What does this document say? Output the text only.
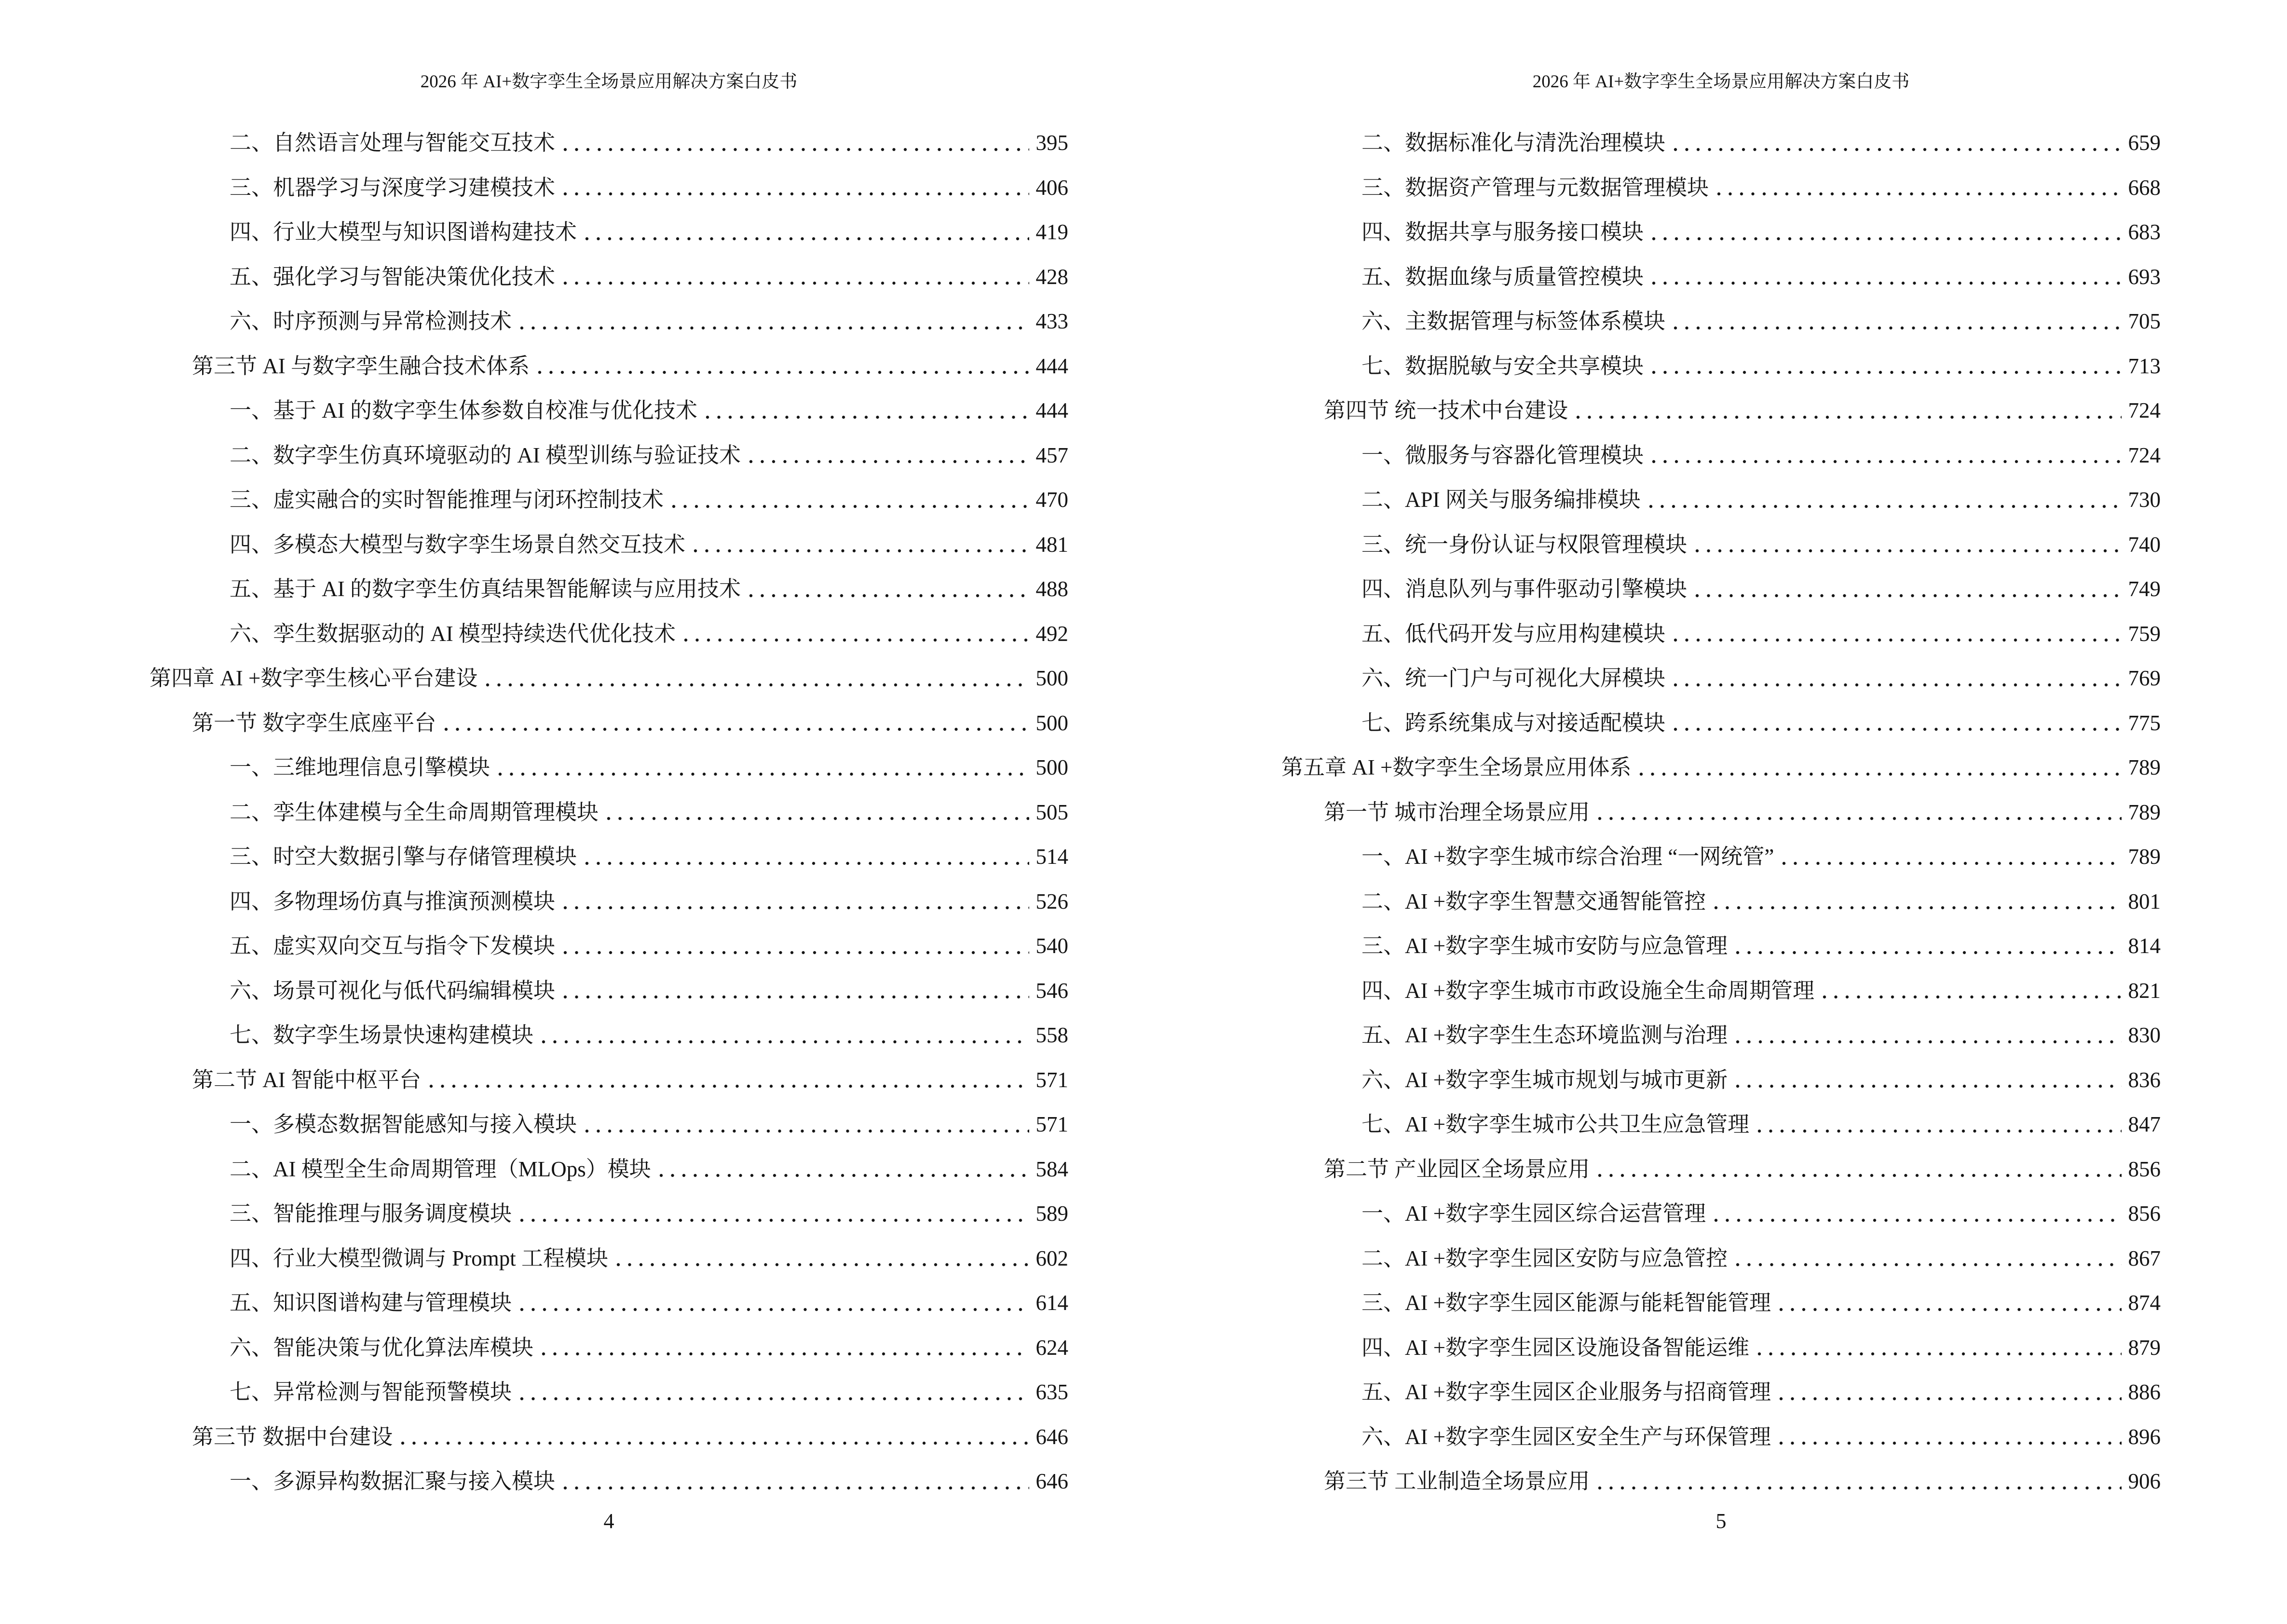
2026 年 AI+数字孪生全场景应用解决方案白皮书
二、自然语言处理与智能交互技术	395
三、机器学习与深度学习建模技术	406
四、行业大模型与知识图谱构建技术	419
五、强化学习与智能决策优化技术	428
六、时序预测与异常检测技术	433
第三节 AI 与数字孪生融合技术体系	444
一、基于 AI 的数字孪生体参数自校准与优化技术	444
二、数字孪生仿真环境驱动的 AI 模型训练与验证技术	457
三、虚实融合的实时智能推理与闭环控制技术	470
四、多模态大模型与数字孪生场景自然交互技术	481
五、基于 AI 的数字孪生仿真结果智能解读与应用技术	488
六、孪生数据驱动的 AI 模型持续迭代优化技术	492
第四章 AI +数字孪生核心平台建设	500
第一节 数字孪生底座平台	500
一、三维地理信息引擎模块	500
二、孪生体建模与全生命周期管理模块	505
三、时空大数据引擎与存储管理模块	514
四、多物理场仿真与推演预测模块	526
五、虚实双向交互与指令下发模块	540
六、场景可视化与低代码编辑模块	546
七、数字孪生场景快速构建模块	558
第二节 AI 智能中枢平台	571
一、多模态数据智能感知与接入模块	571
二、AI 模型全生命周期管理（MLOps）模块	584
三、智能推理与服务调度模块	589
四、行业大模型微调与 Prompt 工程模块	602
五、知识图谱构建与管理模块	614
六、智能决策与优化算法库模块	624
七、异常检测与智能预警模块	635
第三节 数据中台建设	646
一、多源异构数据汇聚与接入模块	646
4
2026 年 AI+数字孪生全场景应用解决方案白皮书
二、数据标准化与清洗治理模块	659
三、数据资产管理与元数据管理模块	668
四、数据共享与服务接口模块	683
五、数据血缘与质量管控模块	693
六、主数据管理与标签体系模块	705
七、数据脱敏与安全共享模块	713
第四节 统一技术中台建设	724
一、微服务与容器化管理模块	724
二、API 网关与服务编排模块	730
三、统一身份认证与权限管理模块	740
四、消息队列与事件驱动引擎模块	749
五、低代码开发与应用构建模块	759
六、统一门户与可视化大屏模块	769
七、跨系统集成与对接适配模块	775
第五章 AI +数字孪生全场景应用体系	789
第一节 城市治理全场景应用	789
一、AI +数字孪生城市综合治理 “一网统管”	789
二、AI +数字孪生智慧交通智能管控	801
三、AI +数字孪生城市安防与应急管理	814
四、AI +数字孪生城市市政设施全生命周期管理	821
五、AI +数字孪生生态环境监测与治理	830
六、AI +数字孪生城市规划与城市更新	836
七、AI +数字孪生城市公共卫生应急管理	847
第二节 产业园区全场景应用	856
一、AI +数字孪生园区综合运营管理	856
二、AI +数字孪生园区安防与应急管控	867
三、AI +数字孪生园区能源与能耗智能管理	874
四、AI +数字孪生园区设施设备智能运维	879
五、AI +数字孪生园区企业服务与招商管理	886
六、AI +数字孪生园区安全生产与环保管理	896
第三节 工业制造全场景应用	906
5
